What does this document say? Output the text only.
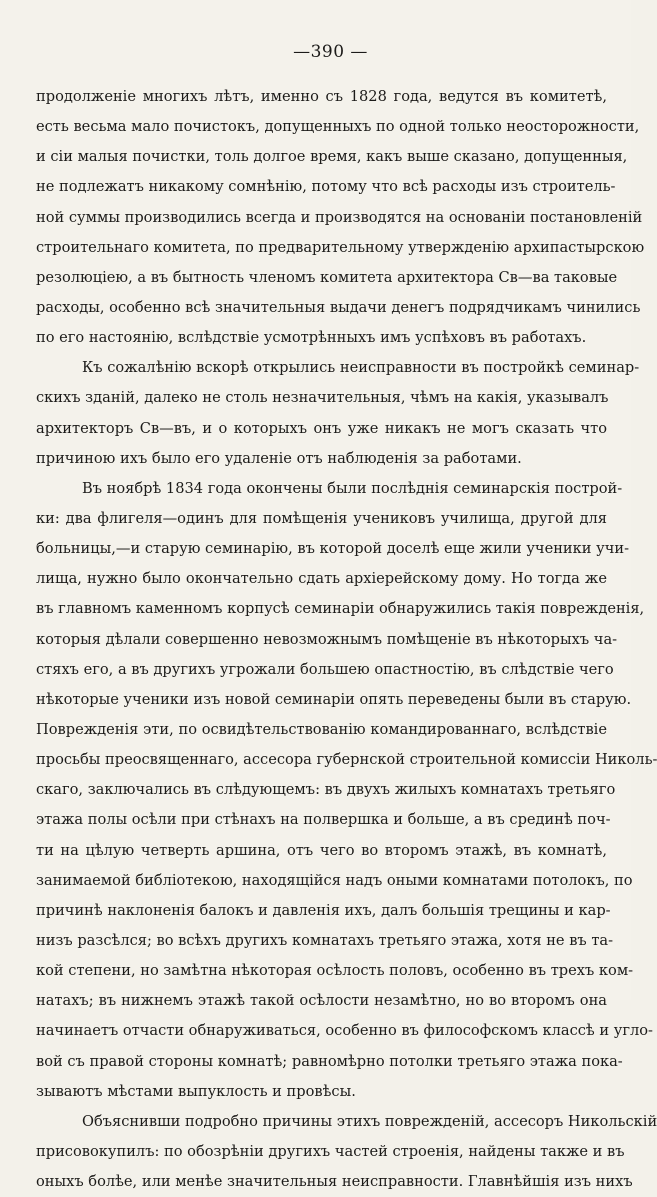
—390 —
продолженіе многихъ лѣтъ, именно съ 1828 года, ведутся въ комитетѣ,
есть весьма мало почистокъ, допущенныхъ по одной только неосторожности,
и сіи малыя почистки, толь долгое время, какъ выше сказано, допущенныя,
не подлежатъ никакому сомнѣнію, потому что всѣ расходы изъ строитель-
ной суммы производились всегда и производятся на основаніи постановленій
строительнаго комитета, по предварительному утвержденію архипастырскою
резолюціею, а въ бытность членомъ комитета архитектора Св—ва таковые
расходы, особенно всѣ значительныя выдачи денегъ подрядчикамъ чинились
по его настоянію, вслѣдствіе усмотрѣнныхъ имъ успѣховъ въ работахъ.
Къ сожалѣнію вскорѣ открылись неисправности въ постройкѣ семинар-
скихъ зданій, далеко не столь незначительныя, чѣмъ на какія, указывалъ
архитекторъ Св—въ, и о которыхъ онъ уже никакъ не могъ сказать что
причиною ихъ было его удаленіе отъ наблюденія за работами.
Въ ноябрѣ 1834 года окончены были послѣднія семинарскія построй-
ки: два флигеля—одинъ для помѣщенія учениковъ училища, другой для
больницы,—и старую семинарію, въ которой доселѣ еще жили ученики учи-
лища, нужно было окончательно сдать архіерейскому дому. Но тогда же
въ главномъ каменномъ корпусѣ семинаріи обнаружились такія поврежденія,
которыя дѣлали совершенно невозможнымъ помѣщеніе въ нѣкоторыхъ ча-
стяхъ его, а въ другихъ угрожали большею опастностію, въ слѣдствіе чего
нѣкоторые ученики изъ новой семинаріи опять переведены были въ старую.
Поврежденія эти, по освидѣтельствованію командированнаго, вслѣдствіе
просьбы преосвященнаго, ассесора губернской строительной комиссіи Николь-
скаго, заключались въ слѣдующемъ: въ двухъ жилыхъ комнатахъ третьяго
этажа полы осѣли при стѣнахъ на полвершка и больше, а въ срединѣ поч-
ти на цѣлую четверть аршина, отъ чего во второмъ этажѣ, въ комнатѣ,
занимаемой библіотекою, находящійся надъ оными комнатами потолокъ, по
причинѣ наклоненія балокъ и давленія ихъ, далъ большія трещины и кар-
низъ разсѣлся; во всѣхъ другихъ комнатахъ третьяго этажа, хотя не въ та-
кой степени, но замѣтна нѣкоторая осѣлость половъ, особенно въ трехъ ком-
натахъ; въ нижнемъ этажѣ такой осѣлости незамѣтно, но во второмъ она
начинаетъ отчасти обнаруживаться, особенно въ философскомъ классѣ и угло-
вой съ правой стороны комнатѣ; равномѣрно потолки третьяго этажа пока-
зываютъ мѣстами выпуклость и провѣсы.
Объяснивши подробно причины этихъ поврежденій, ассесоръ Никольскій
присовокупилъ: по обозрѣніи другихъ частей строенія, найдены также и въ
оныхъ болѣе, или менѣе значительныя неисправности. Главнѣйшія изъ нихъ
